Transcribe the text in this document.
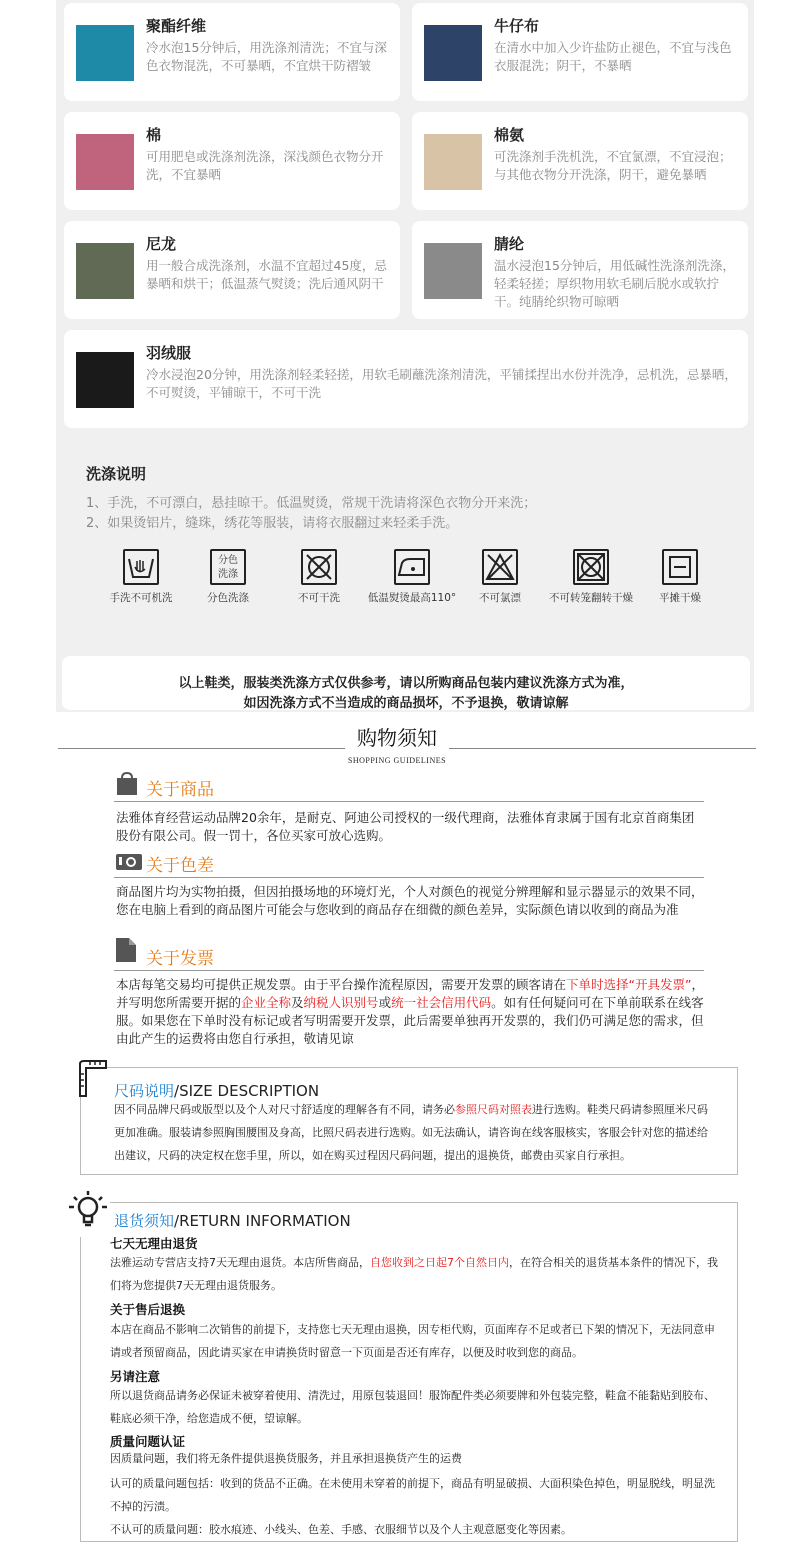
聚酯纤维
冷水泡15分钟后，用洗涤剂清洗；不宜与深色衣物混洗，不可暴晒，不宜烘干防褶皱
牛仔布
在清水中加入少许盐防止褪色，不宜与浅色衣服混洗；阴干，不暴晒
棉
可用肥皂或洗涤剂洗涤，深浅颜色衣物分开洗，不宜暴晒
棉氨
可洗涤剂手洗机洗，不宜氯漂，不宜浸泡；与其他衣物分开洗涤，阴干，避免暴晒
尼龙
用一般合成洗涤剂，水温不宜超过45度，忌暴晒和烘干；低温蒸气熨烫；洗后通风阴干
腈纶
温水浸泡15分钟后，用低碱性洗涤剂洗涤，轻柔轻搓；厚织物用软毛刷后脱水或软拧干。纯腈纶织物可晾晒
羽绒服
冷水浸泡20分钟，用洗涤剂轻柔轻搓，用软毛刷蘸洗涤剂清洗，平铺揉捏出水份并洗净，忌机洗，忌暴晒，不可熨烫，平铺晾干，不可干洗
洗涤说明
1、手洗，不可漂白，悬挂晾干。低温熨烫，常规干洗请将深色衣物分开来洗；
2、如果烫铝片，缝珠，绣花等服装，请将衣服翻过来轻柔手洗。
分色
洗涤
手洗不可机洗	分色洗涤	不可干洗	低温熨烫最高110°	不可氯漂	不可转笼翻转干燥	平摊干燥
以上鞋类，服装类洗涤方式仅供参考，请以所购商品包装内建议洗涤方式为准，
如因洗涤方式不当造成的商品损坏，不予退换，敬请谅解
购物须知
SHOPPING GUIDELINES
关于商品
法雅体育经营运动品牌20余年，是耐克、阿迪公司授权的一级代理商，法雅体育隶属于国有北京首商集团股份有限公司。假一罚十，各位买家可放心选购。
关于色差
商品图片均为实物拍摄，但因拍摄场地的环境灯光，个人对颜色的视觉分辨理解和显示器显示的效果不同，您在电脑上看到的商品图片可能会与您收到的商品存在细微的颜色差异，实际颜色请以收到的商品为准
关于发票
本店每笔交易均可提供正规发票。由于平台操作流程原因，需要开发票的顾客请在下单时选择“开具发票”，并写明您所需要开据的企业全称及纳税人识别号或统一社会信用代码。如有任何疑问可在下单前联系在线客服。如果您在下单时没有标记或者写明需要开发票，此后需要单独再开发票的，我们仍可满足您的需求，但由此产生的运费将由您自行承担，敬请见谅
尺码说明/SIZE DESCRIPTION
因不同品牌尺码或版型以及个人对尺寸舒适度的理解各有不同，请务必参照尺码对照表进行选购。鞋类尺码请参照厘米尺码更加准确。服装请参照胸围腰围及身高，比照尺码表进行选购。如无法确认，请咨询在线客服核实，客服会针对您的描述给出建议，尺码的决定权在您手里，所以，如在购买过程因尺码问题，提出的退换货，邮费由买家自行承担。
退货须知/RETURN INFORMATION
七天无理由退货
法雅运动专营店支持7天无理由退货。本店所售商品，自您收到之日起7个自然日内，在符合相关的退货基本条件的情况下，我们将为您提供7天无理由退货服务。
关于售后退换
本店在商品不影响二次销售的前提下，支持您七天无理由退换，因专柜代购，页面库存不足或者已下架的情况下，无法同意申请或者预留商品，因此请买家在申请换货时留意一下页面是否还有库存，以便及时收到您的商品。
另请注意
所以退货商品请务必保证未被穿着使用、清洗过，用原包装退回！服饰配件类必须要牌和外包装完整，鞋盒不能黏贴到胶布、鞋底必须干净，给您造成不便，望谅解。
质量问题认证
因质量问题，我们将无条件提供退换货服务，并且承担退换货产生的运费
认可的质量问题包括：收到的货品不正确。在未使用未穿着的前提下，商品有明显破损、大面积染色掉色，明显脱线，明显洗不掉的污渍。
不认可的质量问题：胶水痕迹、小线头、色差、手感、衣服细节以及个人主观意愿变化等因素。
